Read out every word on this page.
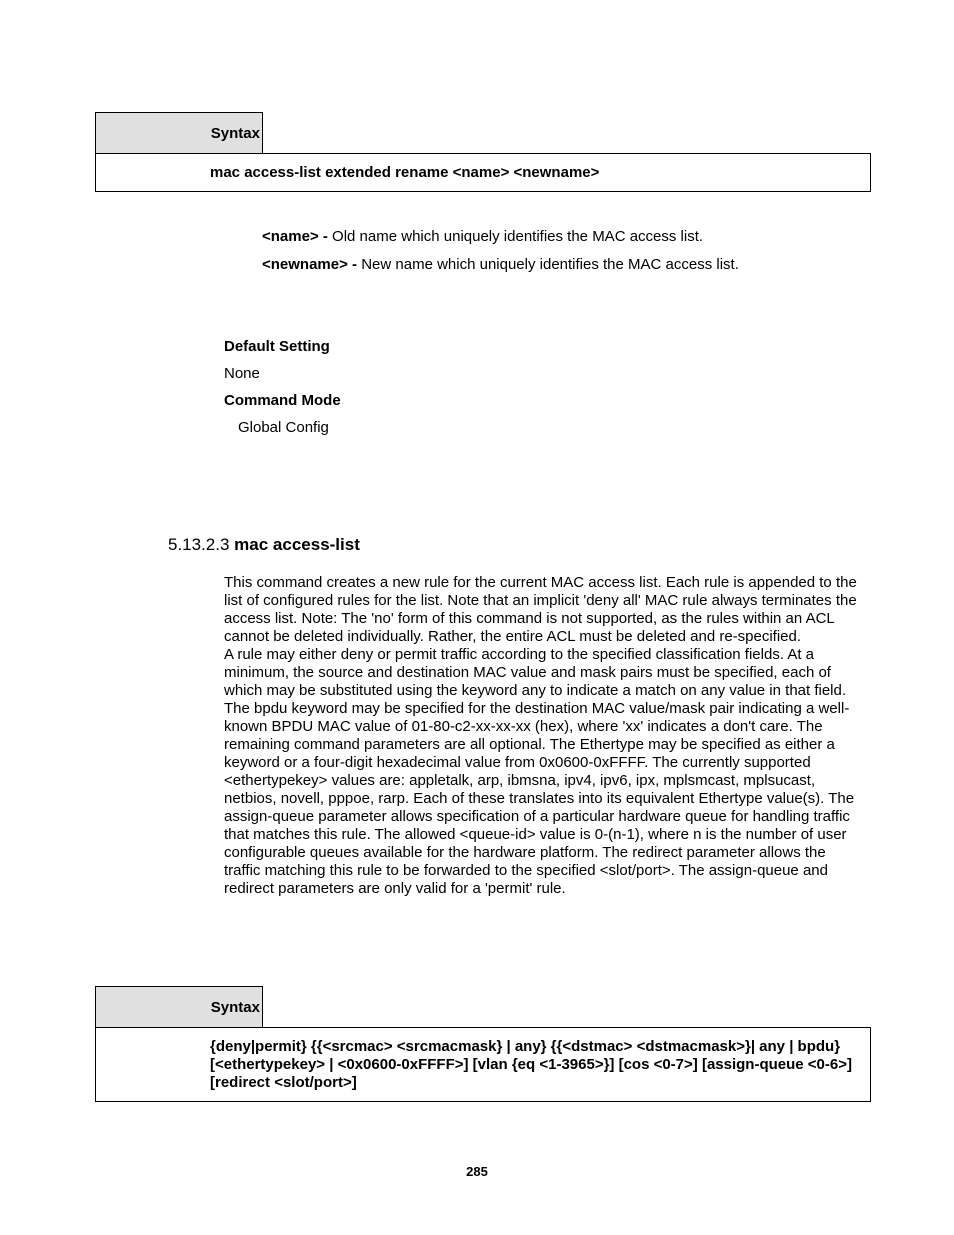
Syntax
mac access-list extended rename <name> <newname>
<name> - Old name which uniquely identifies the MAC access list.
<newname> - New name which uniquely identifies the MAC access list.
Default Setting
None
Command Mode
Global Config
5.13.2.3 mac access-list

This command creates a new rule for the current MAC access list. Each rule is appended to the list of configured rules for the list. Note that an implicit 'deny all' MAC rule always terminates the access list. Note: The 'no' form of this command is not supported, as the rules within an ACL cannot be deleted individually. Rather, the entire ACL must be deleted and re-specified.

A rule may either deny or permit traffic according to the specified classification fields. At a minimum, the source and destination MAC value and mask pairs must be specified, each of which may be substituted using the keyword any to indicate a match on any value in that field. The bpdu keyword may be specified for the destination MAC value/mask pair indicating a well-known BPDU MAC value of 01-80-c2-xx-xx-xx (hex), where 'xx' indicates a don't care. The remaining command parameters are all optional. The Ethertype may be specified as either a keyword or a four-digit hexadecimal value from 0x0600-0xFFFF. The currently supported <ethertypekey> values are: appletalk, arp, ibmsna, ipv4, ipv6, ipx, mplsmcast, mplsucast, netbios, novell, pppoe, rarp. Each of these translates into its equivalent Ethertype value(s). The assign-queue parameter allows specification of a particular hardware queue for handling traffic that matches this rule. The allowed <queue-id> value is 0-(n-1), where n is the number of user configurable queues available for the hardware platform. The redirect parameter allows the traffic matching this rule to be forwarded to the specified <slot/port>. The assign-queue and redirect parameters are only valid for a 'permit' rule.

Syntax
{deny|permit} {{<srcmac> <srcmacmask} | any} {{<dstmac> <dstmacmask>}| any | bpdu} [<ethertypekey> | <0x0600-0xFFFF>] [vlan {eq <1-3965>}] [cos <0-7>] [assign-queue <0-6>] [redirect <slot/port>]
285
